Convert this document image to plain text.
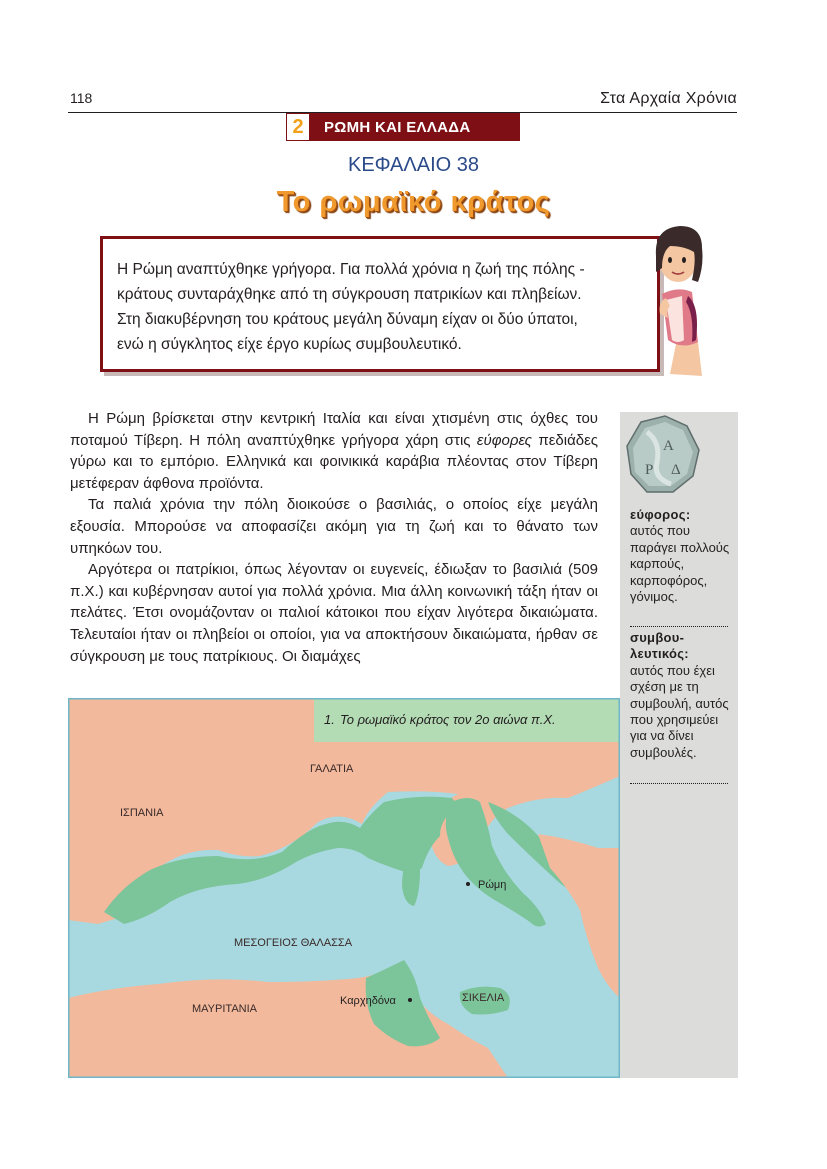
118	Στα Αρχαία Χρόνια
2	ΡΩΜΗ ΚΑΙ ΕΛΛΑΔΑ
ΚΕΦΑΛΑΙΟ 38
Το ρωμαϊκό κράτος

Η Ρώμη αναπτύχθηκε γρήγορα. Για πολλά χρόνια η ζωή της πόλης -

κράτους συνταράχθηκε από τη σύγκρουση πατρικίων και πληβείων.

Στη διακυβέρνηση του κράτους μεγάλη δύναμη είχαν οι δύο ύπατοι,

ενώ η σύγκλητος είχε έργο κυρίως συμβουλευτικό.

Η Ρώμη βρίσκεται στην κεντρική Ιταλία και είναι χτισμένη στις όχθες του ποταμού Τίβερη. Η πόλη αναπτύχθηκε γρήγορα χάρη στις εύφορες πεδιάδες γύρω και το εμπόριο. Ελληνικά και φοινικικά καράβια πλέοντας στον Τίβερη μετέφεραν άφθονα προϊόντα.

Τα παλιά χρόνια την πόλη διοικούσε ο βασιλιάς, ο οποίος είχε μεγάλη εξουσία. Μπορούσε να αποφασίζει ακόμη για τη ζωή και το θάνατο των υπηκόων του.

Αργότερα οι πατρίκιοι, όπως λέγονταν οι ευγενείς, έδιωξαν το βασιλιά (509 π.Χ.) και κυβέρνησαν αυτοί για πολλά χρόνια. Μια άλλη κοινωνική τάξη ήταν οι πελάτες. Έτσι ονομάζονταν οι παλιοί κάτοικοι που είχαν λιγότερα δικαιώματα. Τελευταίοι ήταν οι πληβείοι οι οποίοι, για να αποκτήσουν δικαιώματα, ήρθαν σε σύγκρουση με τους πατρίκιους. Οι διαμάχες

Α
Ρ Δ
εύφορος:
αυτός που παράγει πολλούς καρπούς, καρποφόρος, γόνιμος.
συμβου-
λευτικός:
αυτός που έχει σχέση με τη συμβουλή, αυτός που χρησιμεύει για να δίνει συμβουλές.
1. Το ρωμαϊκό κράτος τον 2ο αιώνα π.Χ.
ΓΑΛΑΤΙΑ
ΙΣΠΑΝΙΑ
Ρώμη
ΜΕΣΟΓΕΙΟΣ ΘΑΛΑΣΣΑ
Καρχηδόνα	ΣΙΚΕΛΙΑ
ΜΑΥΡΙΤΑΝΙΑ
